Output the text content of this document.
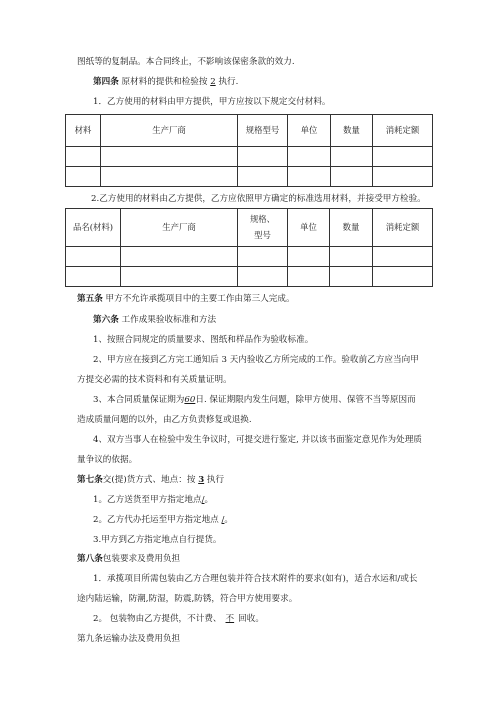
图纸等的复制品。本合同终止，不影响该保密条款的效力.
第四条 原材料的提供和检验按 2 执行.
1．乙方使用的材料由甲方提供，甲方应按以下规定交付材料。
材料	生产厂商	规格型号	单位	数量	消耗定额

2.乙方使用的材料由乙方提供，乙方应依照甲方确定的标准选用材料，并接受甲方检验。
品名(材料)	生产厂商	规格、型号	单位	数量	消耗定额

第五条 甲方不允许承揽项目中的主要工作由第三人完成。
第六条 工作成果验收标准和方法
1、按照合同规定的质量要求、图纸和样品作为验收标准。
2、甲方应在接到乙方完工通知后 3 天内验收乙方所完成的工作。验收前乙方应当向甲
方提交必需的技术资料和有关质量证明。
3、本合同质量保证期为60日. 保证期限内发生问题，除甲方使用、保管不当等原因而
造成质量问题的以外，由乙方负责修复或退换.
4、双方当事人在检验中发生争议时，可提交进行鉴定, 并以该书面鉴定意见作为处理质
量争议的依据。
第七条交(提)货方式、地点：按 3 执行
1。乙方送货至甲方指定地点/。
2。乙方代办托运至甲方指定地点 /。
3.甲方到乙方指定地点自行提货。
第八条包装要求及费用负担
1．承揽项目所需包装由乙方合理包装并符合技术附件的要求(如有)，适合水运和/或长
途内陆运输，防潮,防湿，防震,防锈，符合甲方使用要求。
2。 包装物由乙方提供，不计费、 不 回收。
第九条运输办法及费用负担
